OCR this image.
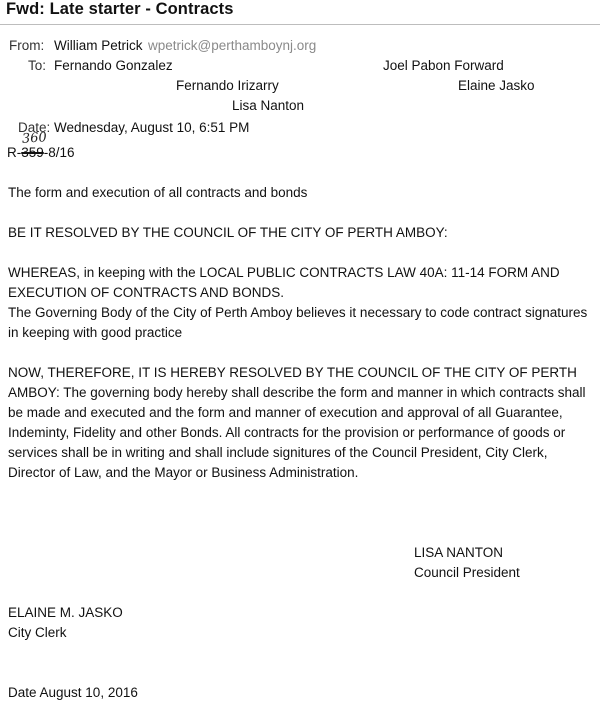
Fwd: Late starter - Contracts
From: William Petrick wpetrick@perthamboynj.org
To: Fernando Gonzalez	Joel Pabon Forward
Fernando Irizarry	Elaine Jasko
Lisa Nanton
Date: Wednesday, August 10, 6:51 PM
360
R-359-8/16
The form and execution of all contracts and bonds
BE IT RESOLVED BY THE COUNCIL OF THE CITY OF PERTH AMBOY:
WHEREAS, in keeping with the LOCAL PUBLIC CONTRACTS LAW 40A: 11-14 FORM AND EXECUTION OF CONTRACTS AND BONDS.
The Governing Body of the City of Perth Amboy believes it necessary to code contract signatures in keeping with good practice
NOW, THEREFORE, IT IS HEREBY RESOLVED BY THE COUNCIL OF THE CITY OF PERTH AMBOY: The governing body hereby shall describe the form and manner in which contracts shall be made and executed and the form and manner of execution and approval of all Guarantee, Indeminty, Fidelity and other Bonds. All contracts for the provision or performance of goods or services shall be in writing and shall include signitures of the Council President, City Clerk, Director of Law, and the Mayor or Business Administration.
LISA NANTON
Council President
ELAINE M. JASKO
City Clerk
Date August 10, 2016
